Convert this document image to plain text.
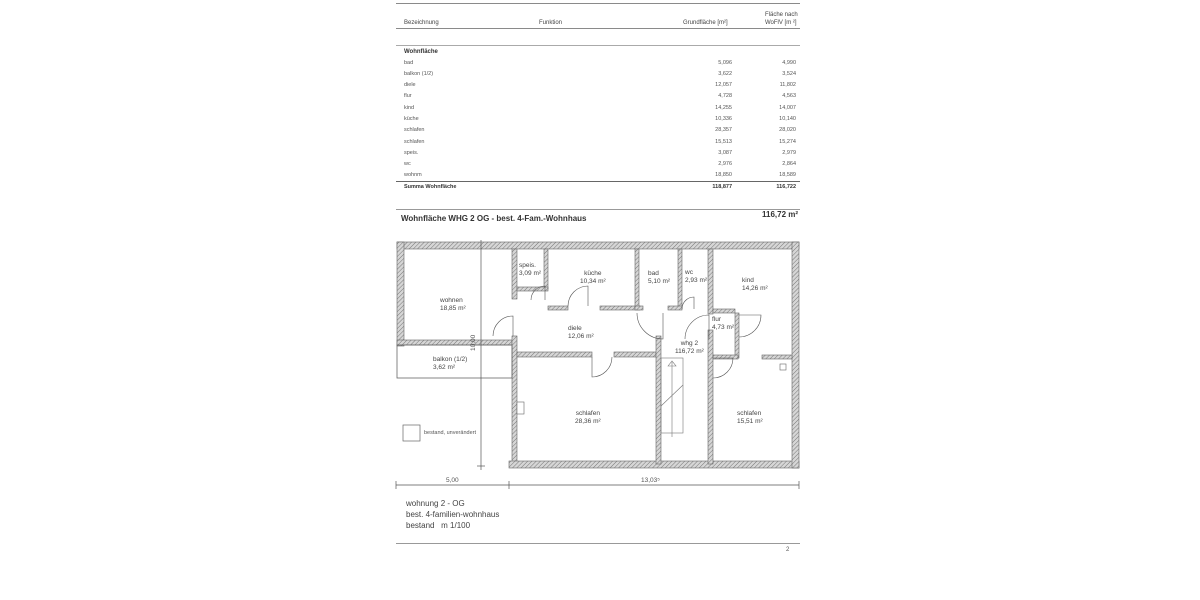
Bezeichnung	Funktion	Grundfläche [m²]
Fläche nach
WoFlV [m ²]
Wohnfläche
bad	5,096	4,990
balkon (1/2)	3,622	3,524
diele	12,057	11,802
flur	4,728	4,563
kind	14,255	14,007
küche	10,336	10,140
schlafen	28,357	28,020
schlafen	15,513	15,274
speis.	3,087	2,979
wc	2,976	2,864
wohnm	18,850	18,589
Summa Wohnfläche	118,877	116,722
Wohnfläche WHG 2 OG - best. 4-Fam.-Wohnhaus	116,72 m²
speis.
3,09 m²	küche
10,34 m²
bad
5,10 m²
wc
2,93 m²	kind
14,26 m²
wohnen
18,85 m²
diele
12,06 m²
flur
4,73 m²
whg 2
116,72 m²
balkon (1/2)
3,62 m²
schlafen
28,36 m²
schlafen
15,51 m²
bestand, unverändert
10,00
5,00	13,03⁵
wohnung 2 - OG
best. 4-familien-wohnhaus
bestand   m 1/100
2
